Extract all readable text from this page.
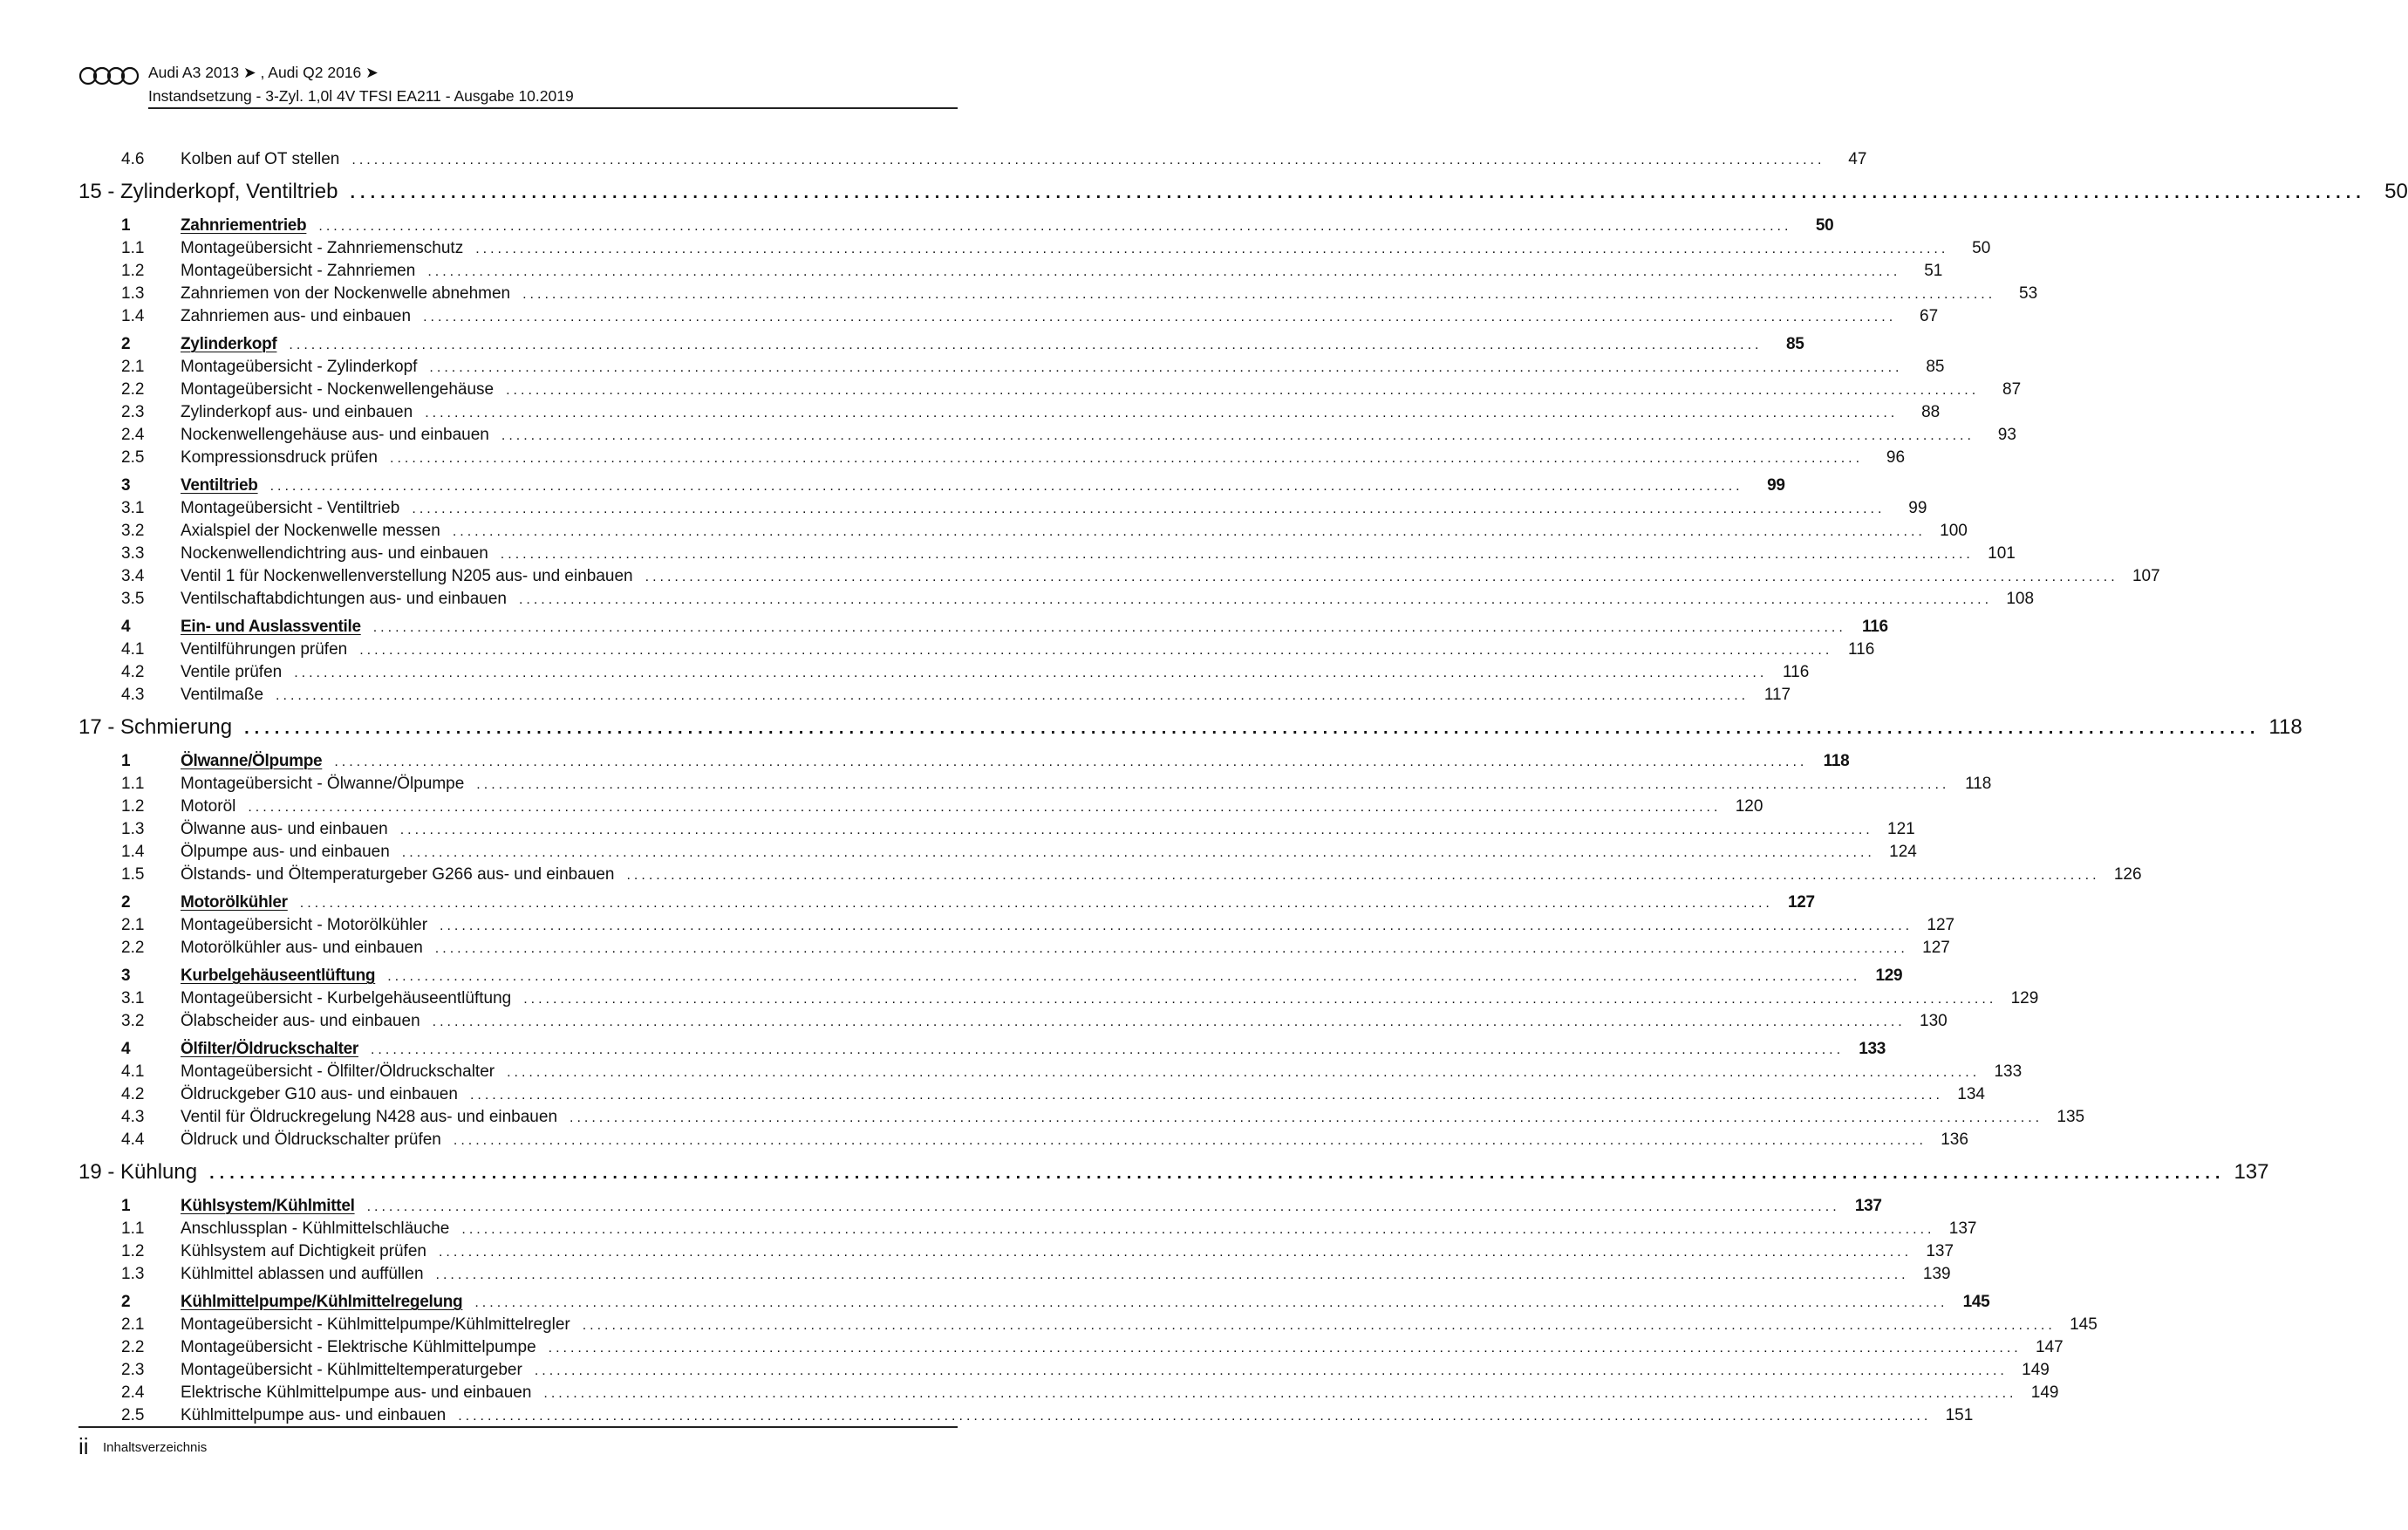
Audi A3 2013 ➤ , Audi Q2 2016 ➤
Instandsetzung - 3-Zyl. 1,0l 4V TFSI EA211 - Ausgabe 10.2019
4.6	Kolben auf OT stellen ........................................................................................................................................................................................................	47
15 - Zylinderkopf, Ventiltrieb ........................................................................................................................................................................................................ 50
1	Zahnriementrieb ........................................................................................................................................................................................................	50
1.1	Montageübersicht - Zahnriemenschutz ........................................................................................................................................................................................................	50
1.2	Montageübersicht - Zahnriemen ........................................................................................................................................................................................................	51
1.3	Zahnriemen von der Nockenwelle abnehmen ........................................................................................................................................................................................................	53
1.4	Zahnriemen aus- und einbauen ........................................................................................................................................................................................................	67
2	Zylinderkopf ........................................................................................................................................................................................................	85
2.1	Montageübersicht - Zylinderkopf ........................................................................................................................................................................................................	85
2.2	Montageübersicht - Nockenwellengehäuse ........................................................................................................................................................................................................	87
2.3	Zylinderkopf aus- und einbauen ........................................................................................................................................................................................................	88
2.4	Nockenwellengehäuse aus- und einbauen ........................................................................................................................................................................................................	93
2.5	Kompressionsdruck prüfen ........................................................................................................................................................................................................	96
3	Ventiltrieb ........................................................................................................................................................................................................	99
3.1	Montageübersicht - Ventiltrieb ........................................................................................................................................................................................................	99
3.2	Axialspiel der Nockenwelle messen ........................................................................................................................................................................................................ 100
3.3	Nockenwellendichtring aus- und einbauen ........................................................................................................................................................................................................ 101
3.4	Ventil 1 für Nockenwellenverstellung N205 aus- und einbauen ........................................................................................................................................................................................................ 107
3.5	Ventilschaftabdichtungen aus- und einbauen ........................................................................................................................................................................................................ 108
4	Ein- und Auslassventile ........................................................................................................................................................................................................ 116
4.1	Ventilführungen prüfen ........................................................................................................................................................................................................ 116
4.2	Ventile prüfen ........................................................................................................................................................................................................ 116
4.3	Ventilmaße ........................................................................................................................................................................................................ 117
17 - Schmierung ........................................................................................................................................................................................................ 118
1	Ölwanne/Ölpumpe ........................................................................................................................................................................................................ 118
1.1	Montageübersicht - Ölwanne/Ölpumpe ........................................................................................................................................................................................................ 118
1.2	Motoröl ........................................................................................................................................................................................................ 120
1.3	Ölwanne aus- und einbauen ........................................................................................................................................................................................................ 121
1.4	Ölpumpe aus- und einbauen ........................................................................................................................................................................................................ 124
1.5	Ölstands- und Öltemperaturgeber G266 aus- und einbauen ........................................................................................................................................................................................................ 126
2	Motorölkühler ........................................................................................................................................................................................................ 127
2.1	Montageübersicht - Motorölkühler ........................................................................................................................................................................................................ 127
2.2	Motorölkühler aus- und einbauen ........................................................................................................................................................................................................ 127
3	Kurbelgehäuseentlüftung ........................................................................................................................................................................................................ 129
3.1	Montageübersicht - Kurbelgehäuseentlüftung ........................................................................................................................................................................................................ 129
3.2	Ölabscheider aus- und einbauen ........................................................................................................................................................................................................ 130
4	Ölfilter/Öldruckschalter ........................................................................................................................................................................................................ 133
4.1	Montageübersicht - Ölfilter/Öldruckschalter ........................................................................................................................................................................................................ 133
4.2	Öldruckgeber G10 aus- und einbauen ........................................................................................................................................................................................................ 134
4.3	Ventil für Öldruckregelung N428 aus- und einbauen ........................................................................................................................................................................................................ 135
4.4	Öldruck und Öldruckschalter prüfen ........................................................................................................................................................................................................ 136
19 - Kühlung ........................................................................................................................................................................................................ 137
1	Kühlsystem/Kühlmittel ........................................................................................................................................................................................................ 137
1.1	Anschlussplan - Kühlmittelschläuche ........................................................................................................................................................................................................ 137
1.2	Kühlsystem auf Dichtigkeit prüfen ........................................................................................................................................................................................................ 137
1.3	Kühlmittel ablassen und auffüllen ........................................................................................................................................................................................................ 139
2	Kühlmittelpumpe/Kühlmittelregelung ........................................................................................................................................................................................................ 145
2.1	Montageübersicht - Kühlmittelpumpe/Kühlmittelregler ........................................................................................................................................................................................................ 145
2.2	Montageübersicht - Elektrische Kühlmittelpumpe ........................................................................................................................................................................................................ 147
2.3	Montageübersicht - Kühlmitteltemperaturgeber ........................................................................................................................................................................................................ 149
2.4	Elektrische Kühlmittelpumpe aus- und einbauen ........................................................................................................................................................................................................ 149
2.5	Kühlmittelpumpe aus- und einbauen ........................................................................................................................................................................................................ 151
ii Inhaltsverzeichnis
